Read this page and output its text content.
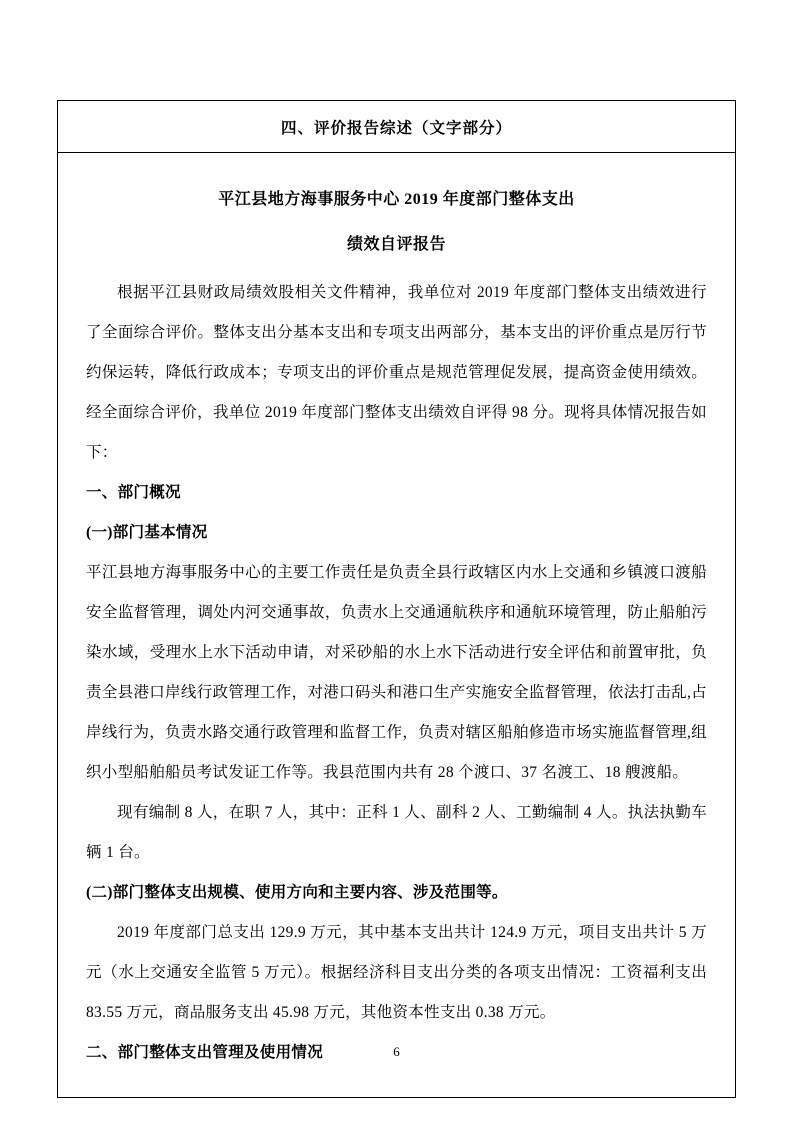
四、评价报告综述（文字部分）
平江县地方海事服务中心 2019 年度部门整体支出
绩效自评报告

根据平江县财政局绩效股相关文件精神，我单位对 2019 年度部门整体支出绩效进行了全面综合评价。整体支出分基本支出和专项支出两部分，基本支出的评价重点是厉行节约保运转，降低行政成本；专项支出的评价重点是规范管理促发展，提高资金使用绩效。经全面综合评价，我单位 2019 年度部门整体支出绩效自评得 98 分。现将具体情况报告如下：

一、部门概况

(一)部门基本情况

平江县地方海事服务中心的主要工作责任是负责全县行政辖区内水上交通和乡镇渡口渡船安全监督管理，调处内河交通事故，负责水上交通通航秩序和通航环境管理，防止船舶污染水域，受理水上水下活动申请，对采砂船的水上水下活动进行安全评估和前置审批，负责全县港口岸线行政管理工作，对港口码头和港口生产实施安全监督管理，依法打击乱,占岸线行为，负责水路交通行政管理和监督工作，负责对辖区船舶修造市场实施监督管理,组织小型船舶船员考试发证工作等。我县范围内共有 28 个渡口、37 名渡工、18 艘渡船。

现有编制 8 人，在职 7 人，其中：正科 1 人、副科 2 人、工勤编制 4 人。执法执勤车辆 1 台。

(二)部门整体支出规模、使用方向和主要内容、涉及范围等。

2019 年度部门总支出 129.9 万元，其中基本支出共计 124.9 万元，项目支出共计 5 万元（水上交通安全监管 5 万元）。根据经济科目支出分类的各项支出情况：工资福利支出 83.55 万元，商品服务支出 45.98 万元，其他资本性支出 0.38 万元。

二、部门整体支出管理及使用情况	6
